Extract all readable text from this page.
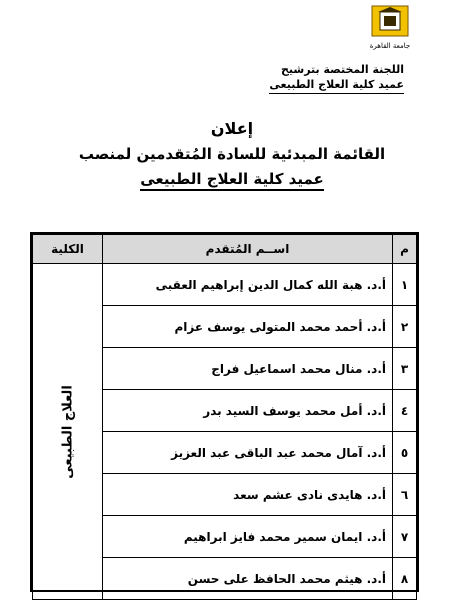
جامعة القاهرة
اللجنة المختصة بترشيح
عميد كلية العلاج الطبيعى
إعلان
القائمة المبدئية للسادة المُتقدمين لمنصب
عميد كلية العلاج الطبيعى
م	اســم المُتقدم	الكلية
١	أ.د. هبة الله كمال الدين إبراهيم العقبى	العلاج الطبيعى

٢	أ.د. أحمد محمد المتولى يوسف عزام	
٣	أ.د. منال محمد اسماعيل فراج	
٤	أ.د. أمل محمد يوسف السيد بدر	
٥	أ.د. آمال محمد عبد الباقى عبد العزيز	
٦	أ.د. هايدى نادى عشم سعد	
٧	أ.د. ايمان سمير محمد فايز ابراهيم	
٨	أ.د. هيثم محمد الحافظ على حسن	
